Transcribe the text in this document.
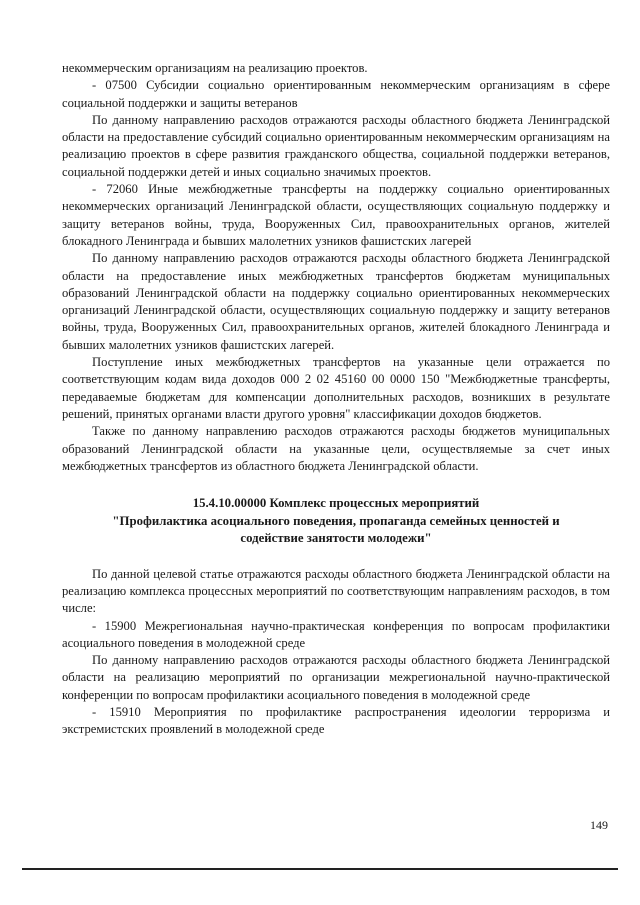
некоммерческим организациям на реализацию проектов.

- 07500 Субсидии социально ориентированным некоммерческим организациям в сфере социальной поддержки и защиты ветеранов

По данному направлению расходов отражаются расходы областного бюджета Ленинградской области на предоставление субсидий социально ориентированным некоммерческим организациям на реализацию проектов в сфере развития гражданского общества, социальной поддержки ветеранов, социальной поддержки детей и иных социально значимых проектов.

- 72060 Иные межбюджетные трансферты на поддержку социально ориентированных некоммерческих организаций Ленинградской области, осуществляющих социальную поддержку и защиту ветеранов войны, труда, Вооруженных Сил, правоохранительных органов, жителей блокадного Ленинграда и бывших малолетних узников фашистских лагерей

По данному направлению расходов отражаются расходы областного бюджета Ленинградской области на предоставление иных межбюджетных трансфертов бюджетам муниципальных образований Ленинградской области на поддержку социально ориентированных некоммерческих организаций Ленинградской области, осуществляющих социальную поддержку и защиту ветеранов войны, труда, Вооруженных Сил, правоохранительных органов, жителей блокадного Ленинграда и бывших малолетних узников фашистских лагерей.

Поступление иных межбюджетных трансфертов на указанные цели отражается по соответствующим кодам вида доходов 000 2 02 45160 00 0000 150 "Межбюджетные трансферты, передаваемые бюджетам для компенсации дополнительных расходов, возникших в результате решений, принятых органами власти другого уровня" классификации доходов бюджетов.

Также по данному направлению расходов отражаются расходы бюджетов муниципальных образований Ленинградской области на указанные цели, осуществляемые за счет иных межбюджетных трансфертов из областного бюджета Ленинградской области.

15.4.10.00000 Комплекс процессных мероприятий
"Профилактика асоциального поведения, пропаганда семейных ценностей и
содействие занятости молодежи"

По данной целевой статье отражаются расходы областного бюджета Ленинградской области на реализацию комплекса процессных мероприятий по соответствующим направлениям расходов, в том числе:

- 15900 Межрегиональная научно-практическая конференция по вопросам профилактики асоциального поведения в молодежной среде

По данному направлению расходов отражаются расходы областного бюджета Ленинградской области на реализацию мероприятий по организации межрегиональной научно-практической конференции по вопросам профилактики асоциального поведения в молодежной среде

- 15910 Мероприятия по профилактике распространения идеологии терроризма и экстремистских проявлений в молодежной среде

149
